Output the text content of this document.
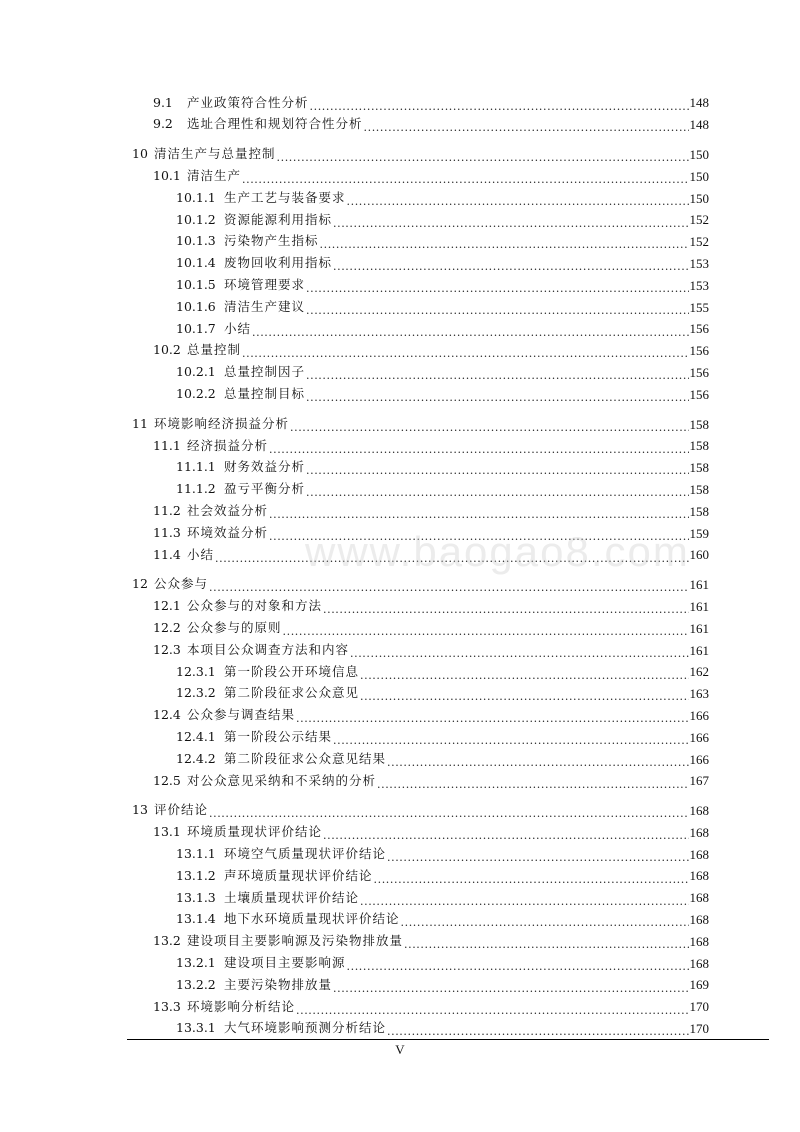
9.1	产业政策符合性分析 .....	148
9.2	选址合理性和规划符合性分析 .....	148
10 清洁生产与总量控制 .....	150
10.1 清洁生产 .....	150
10.1.1 生产工艺与装备要求 .....	150
10.1.2 资源能源利用指标 .....	152
10.1.3 污染物产生指标 .....	152
10.1.4 废物回收利用指标 .....	153
10.1.5 环境管理要求 .....	153
10.1.6 清洁生产建议 .....	155
10.1.7 小结 .....	156
10.2 总量控制 .....	156
10.2.1 总量控制因子 .....	156
10.2.2 总量控制目标 .....	156
11 环境影响经济损益分析 .....	158
11.1 经济损益分析 .....	158
11.1.1 财务效益分析 .....	158
11.1.2 盈亏平衡分析 .....	158
11.2 社会效益分析 .....	158
11.3 环境效益分析 .....	159
11.4 小结 .....	160
12 公众参与 .....	161
12.1 公众参与的对象和方法 .....	161
12.2 公众参与的原则 .....	161
12.3 本项目公众调查方法和内容 .....	161
12.3.1 第一阶段公开环境信息 .....	162
12.3.2 第二阶段征求公众意见 .....	163
12.4 公众参与调查结果 .....	166
12.4.1 第一阶段公示结果 .....	166
12.4.2 第二阶段征求公众意见结果 .....	166
12.5 对公众意见采纳和不采纳的分析 .....	167
13 评价结论 .....	168
13.1 环境质量现状评价结论 .....	168
13.1.1 环境空气质量现状评价结论 .....	168
13.1.2 声环境质量现状评价结论 .....	168
13.1.3 土壤质量现状评价结论 .....	168
13.1.4 地下水环境质量现状评价结论 .....	168
13.2 建设项目主要影响源及污染物排放量 .....	168
13.2.1 建设项目主要影响源 .....	168
13.2.2 主要污染物排放量 .....	169
13.3 环境影响分析结论 .....	170
13.3.1 大气环境影响预测分析结论 .....	170
www.baogao8.com
V
